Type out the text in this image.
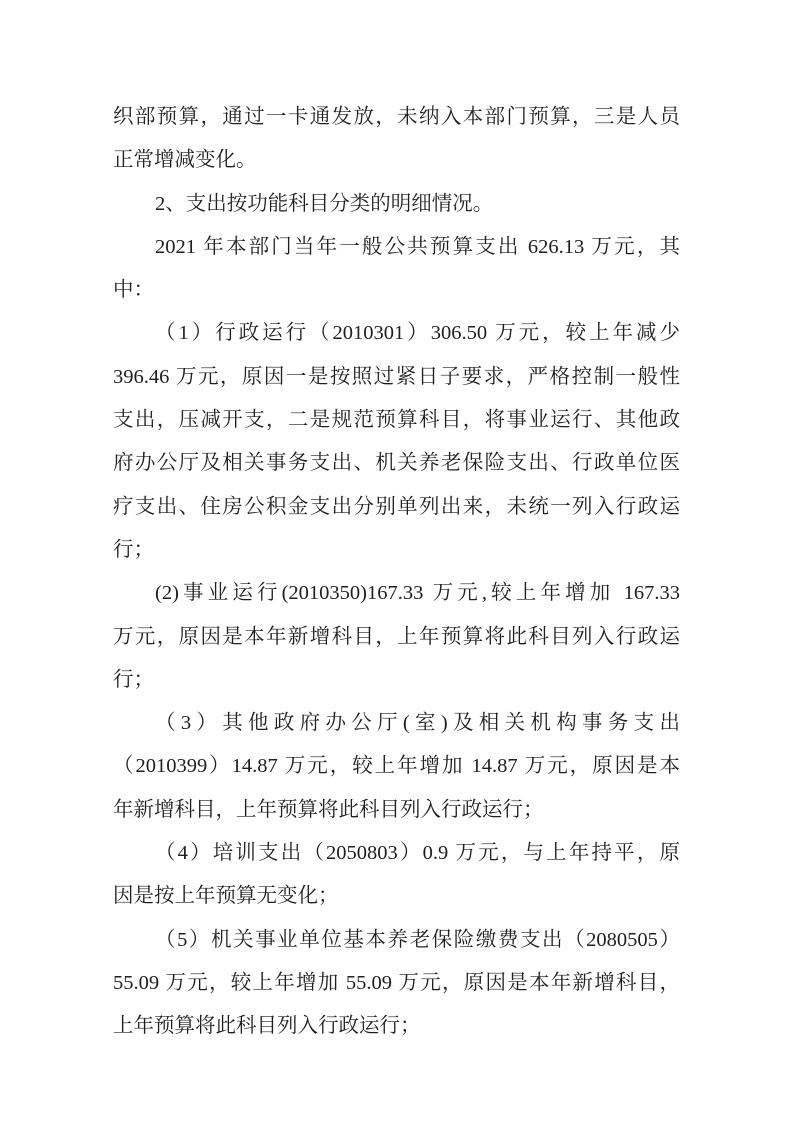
织部预算，通过一卡通发放，未纳入本部门预算，三是人员
正常增减变化。
2、支出按功能科目分类的明细情况。
2021 年本部门当年一般公共预算支出 626.13 万元，其
中：
（1）行政运行（2010301）306.50 万元，较上年减少
396.46 万元，原因一是按照过紧日子要求，严格控制一般性
支出，压减开支，二是规范预算科目，将事业运行、其他政
府办公厅及相关事务支出、机关养老保险支出、行政单位医
疗支出、住房公积金支出分别单列出来，未统一列入行政运
行；
(2)事业运行(2010350)167.33 万元,较上年增加 167.33
万元，原因是本年新增科目，上年预算将此科目列入行政运
行；
（3）其他政府办公厅(室)及相关机构事务支出
（2010399）14.87 万元，较上年增加 14.87 万元，原因是本
年新增科目，上年预算将此科目列入行政运行；
（4）培训支出（2050803）0.9 万元，与上年持平，原
因是按上年预算无变化；
（5）机关事业单位基本养老保险缴费支出（2080505）
55.09 万元，较上年增加 55.09 万元，原因是本年新增科目，
上年预算将此科目列入行政运行；
